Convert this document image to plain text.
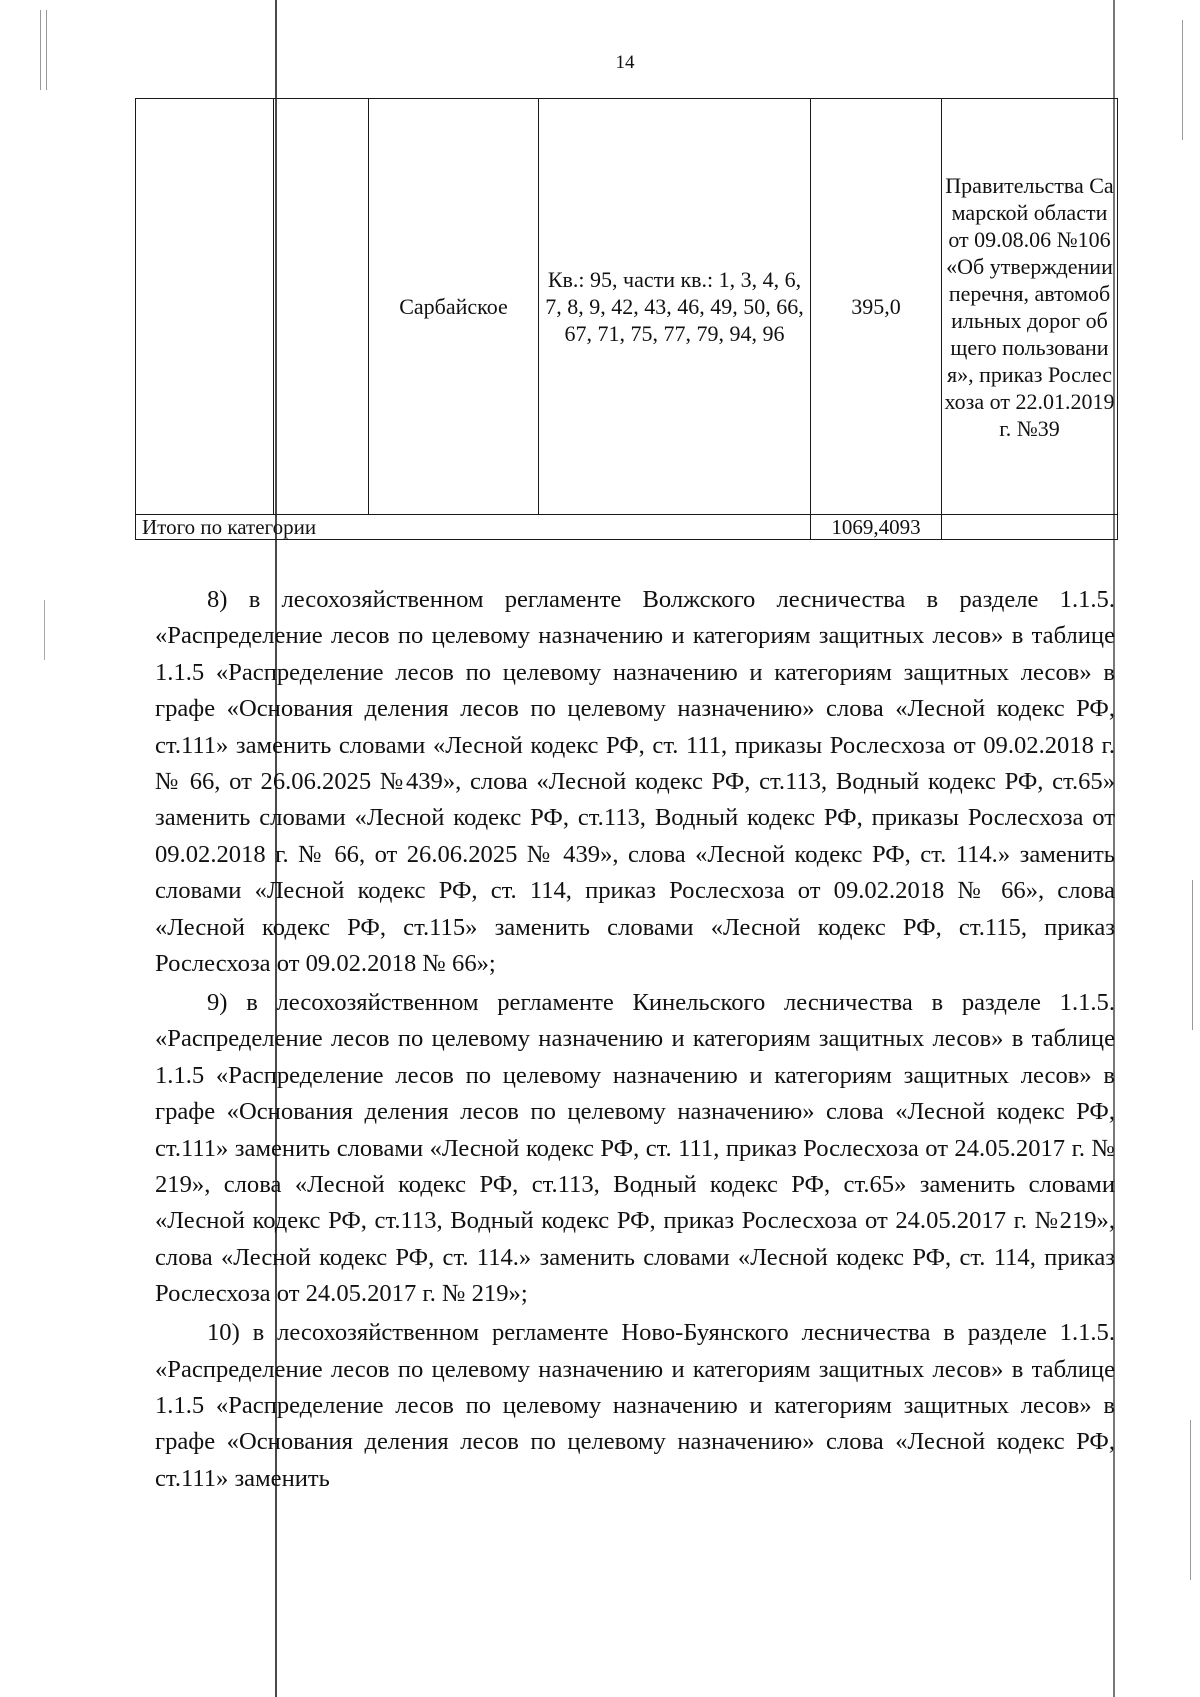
14
		Сарбайское	Кв.: 95, части кв.: 1, 3, 4, 6, 7, 8, 9, 42, 43, 46, 49, 50, 66, 67, 71, 75, 77, 79, 94, 96	395,0	Правительства Самарской области от 09.08.06 №106 «Об утверждении перечня, автомобильных дорог общего пользования», приказ Рослесхоза от 22.01.2019 г. №39
Итого по категории				1069,4093	

8) в лесохозяйственном регламенте Волжского лесничества в разделе 1.1.5. «Распределение лесов по целевому назначению и категориям защитных лесов» в таблице 1.1.5 «Распределение лесов по целевому назначению и категориям защитных лесов» в графе «Основания деления лесов по целевому назначению» слова «Лесной кодекс РФ, ст.111» заменить словами «Лесной кодекс РФ, ст. 111, приказы Рослесхоза от 09.02.2018 г. № 66, от 26.06.2025 №439», слова «Лесной кодекс РФ, ст.113, Водный кодекс РФ, ст.65» заменить словами «Лесной кодекс РФ, ст.113, Водный кодекс РФ, приказы Рослесхоза от 09.02.2018 г. № 66, от 26.06.2025 № 439», слова «Лесной кодекс РФ, ст. 114.» заменить словами «Лесной кодекс РФ, ст. 114, приказ Рослесхоза от 09.02.2018 № 66», слова «Лесной кодекс РФ, ст.115» заменить словами «Лесной кодекс РФ, ст.115, приказ Рослесхоза от 09.02.2018 № 66»;

9) в лесохозяйственном регламенте Кинельского лесничества в разделе 1.1.5. «Распределение лесов по целевому назначению и категориям защитных лесов» в таблице 1.1.5 «Распределение лесов по целевому назначению и категориям защитных лесов» в графе «Основания деления лесов по целевому назначению» слова «Лесной кодекс РФ, ст.111» заменить словами «Лесной кодекс РФ, ст. 111, приказ Рослесхоза от 24.05.2017 г. № 219», слова «Лесной кодекс РФ, ст.113, Водный кодекс РФ, ст.65» заменить словами «Лесной кодекс РФ, ст.113, Водный кодекс РФ, приказ Рослесхоза от 24.05.2017 г. №219», слова «Лесной кодекс РФ, ст. 114.» заменить словами «Лесной кодекс РФ, ст. 114, приказ Рослесхоза от 24.05.2017 г. № 219»;

10) в лесохозяйственном регламенте Ново-Буянского лесничества в разделе 1.1.5. «Распределение лесов по целевому назначению и категориям защитных лесов» в таблице 1.1.5 «Распределение лесов по целевому назначению и категориям защитных лесов» в графе «Основания деления лесов по целевому назначению» слова «Лесной кодекс РФ, ст.111» заменить
